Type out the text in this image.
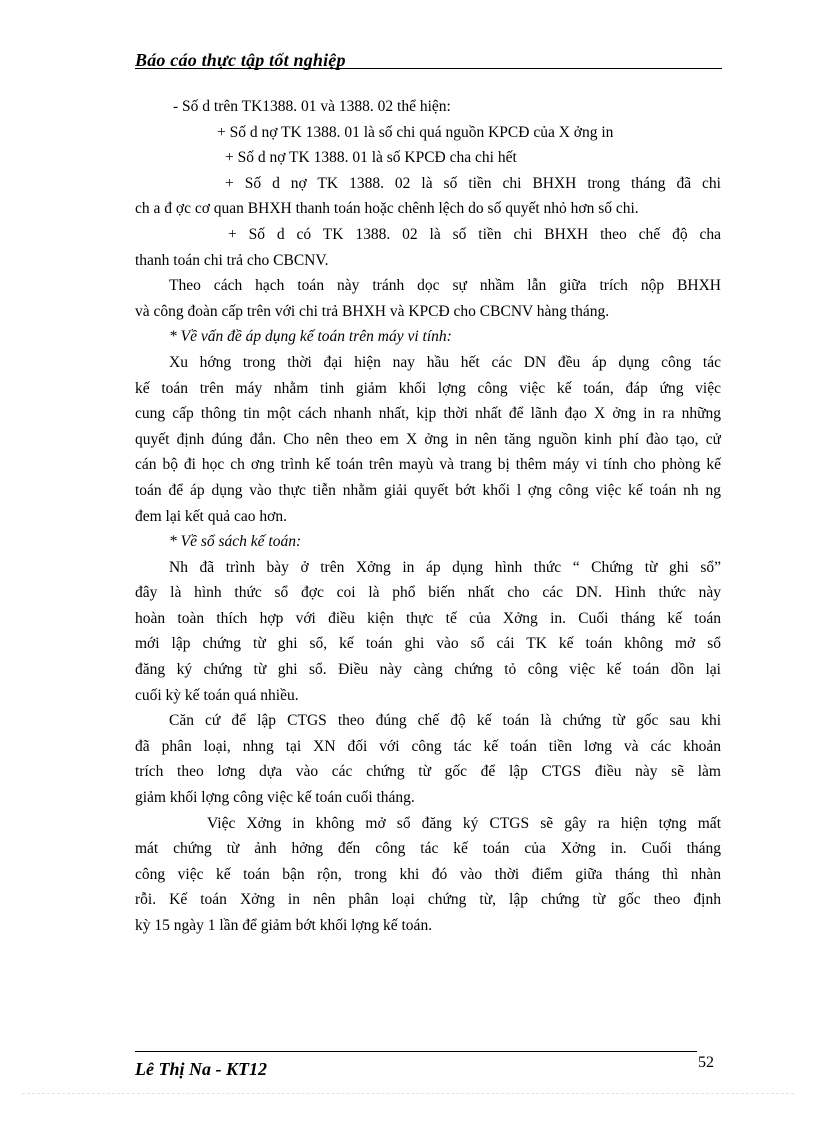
Báo cáo thực tập tốt nghiệp
- Số d trên TK1388. 01 và 1388. 02 thể hiện:
+ Số d nợ TK 1388. 01 là số chi quá nguồn KPCĐ của X ởng in
+ Số d nợ TK 1388. 01 là số KPCĐ cha chi hết
+ Số d nợ TK 1388. 02 là số tiền chi BHXH trong tháng đã chi
ch a đ ợc cơ quan BHXH thanh toán hoặc chênh lệch do số quyết nhỏ hơn số chi.
+ Số d có TK 1388. 02 là số tiền chi BHXH theo chế độ cha
thanh toán chi trả cho CBCNV.
Theo cách hạch toán này tránh dọc sự nhầm lẫn giữa trích nộp BHXH
và công đoàn cấp trên với chi trả BHXH và KPCĐ cho CBCNV hàng tháng.
* Về vấn đề áp dụng kế toán trên máy vi tính:
Xu hớng trong thời đại hiện nay hầu hết các DN đều áp dụng công tác
kế toán trên máy nhằm tinh giảm khối lợng công việc kế toán, đáp ứng việc
cung cấp thông tin một cách nhanh nhất, kịp thời nhất để lãnh đạo X ởng in ra những
quyết định đúng đắn. Cho nên theo em X ởng in nên tăng nguồn kinh phí đào tạo, cử
cán bộ đi học ch ơng trình kế toán trên mayù và trang bị thêm máy vi tính cho phòng kế
toán để áp dụng vào thực tiễn nhằm giải quyết bớt khối l ợng công việc kế toán nh ng
đem lại kết quả cao hơn.
* Về sổ sách kế toán:
Nh đã trình bày ở trên Xởng in áp dụng hình thức “ Chứng từ ghi sổ”
đây là hình thức sổ đợc coi là phổ biến nhất cho các DN. Hình thức này
hoàn toàn thích hợp với điều kiện thực tế của Xởng in. Cuối tháng kế toán
mới lập chứng từ ghi sổ, kế toán ghi vào sổ cái TK kế toán không mở sổ
đăng ký chứng từ ghi sổ. Điều này càng chứng tỏ công việc kế toán dồn lại
cuối kỳ kế toán quá nhiều.
Căn cứ để lập CTGS theo đúng chế độ kế toán là chứng từ gốc sau khi
đã phân loại, nhng tại XN đối với công tác kế toán tiền lơng và các khoản
trích theo lơng dựa vào các chứng từ gốc để lập CTGS điều này sẽ làm
giảm khối lợng công việc kế toán cuối tháng.
Việc Xởng in không mở sổ đăng ký CTGS sẽ gây ra hiện tợng mất
mát chứng từ ảnh hởng đến công tác kế toán của Xởng in. Cuối tháng
công việc kế toán bận rộn, trong khi đó vào thời điểm giữa tháng thì nhàn
rỗi. Kế toán Xởng in nên phân loại chứng từ, lập chứng từ gốc theo định
kỳ 15 ngày 1 lần để giảm bớt khối lợng kế toán.
Lê Thị Na - KT12	52
